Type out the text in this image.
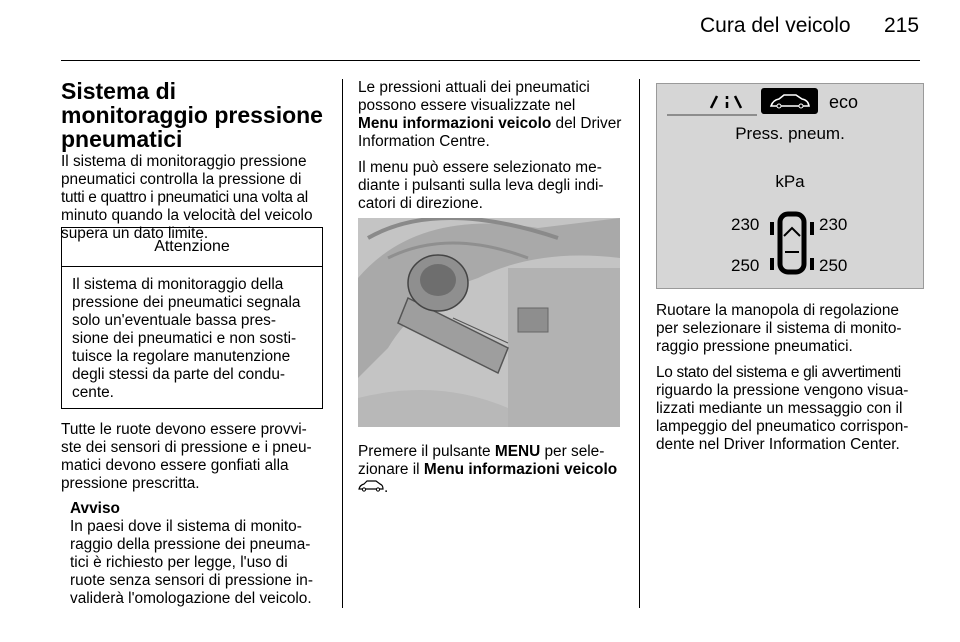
Cura del veicolo 215
Sistema di monitoraggio pressione pneumatici

Il sistema di monitoraggio pressione

pneumatici controlla la pressione di

tutti e quattro i pneumatici una volta al

minuto quando la velocità del veicolo

supera un dato limite.

Attenzione

Il sistema di monitoraggio della

pressione dei pneumatici segnala

solo un'eventuale bassa pres-

sione dei pneumatici e non sosti-

tuisce la regolare manutenzione

degli stessi da parte del condu-

cente.

Tutte le ruote devono essere provvi-

ste dei sensori di pressione e i pneu-

matici devono essere gonfiati alla

pressione prescritta.

Avviso

In paesi dove il sistema di monito-

raggio della pressione dei pneuma-

tici è richiesto per legge, l'uso di

ruote senza sensori di pressione in-

validerà l'omologazione del veicolo.

Le pressioni attuali dei pneumatici

possono essere visualizzate nel

Menu informazioni veicolo del Driver

Information Centre.

Il menu può essere selezionato me-

diante i pulsanti sulla leva degli indi-

catori di direzione.

Premere il pulsante MENU per sele-

zionare il Menu informazioni veicolo

.

eco
Press. pneum.
kPa
230	230
250	250

Ruotare la manopola di regolazione

per selezionare il sistema di monito-

raggio pressione pneumatici.

Lo stato del sistema e gli avvertimenti

riguardo la pressione vengono visua-

lizzati mediante un messaggio con il

lampeggio del pneumatico corrispon-

dente nel Driver Information Center.
